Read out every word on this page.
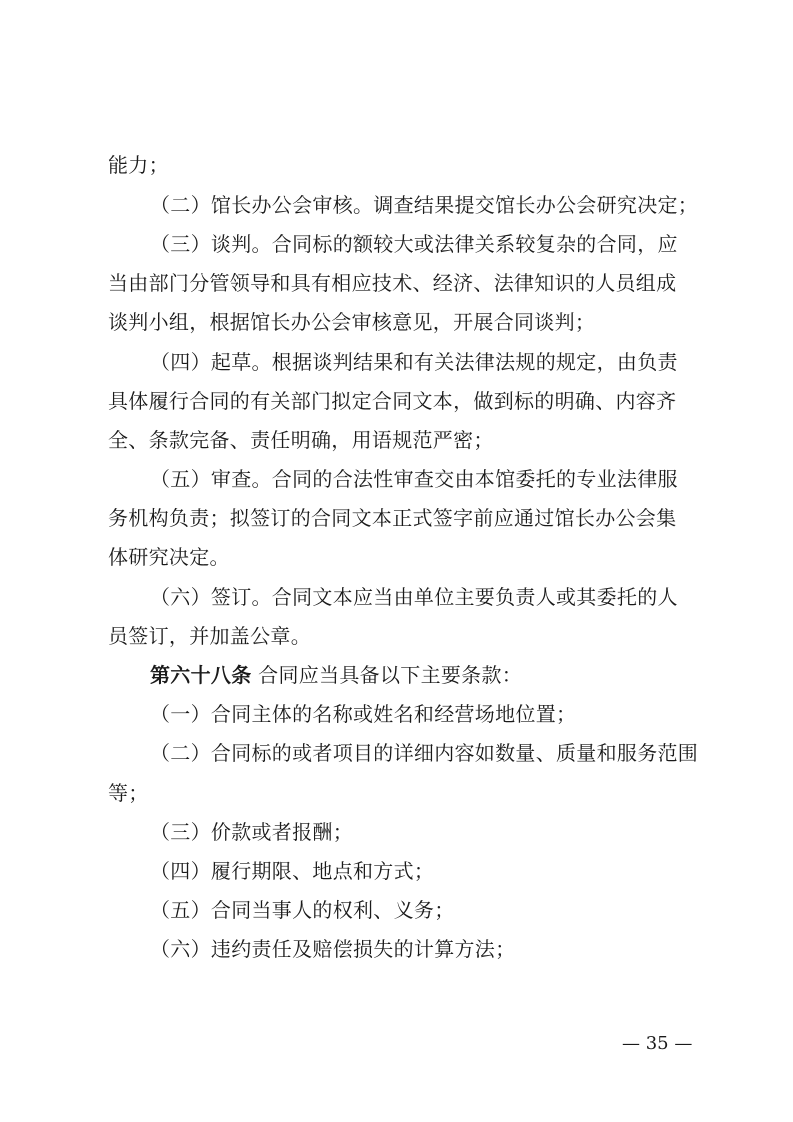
能力；
（二）馆长办公会审核。调查结果提交馆长办公会研究决定；
（三）谈判。合同标的额较大或法律关系较复杂的合同，应
当由部门分管领导和具有相应技术、经济、法律知识的人员组成
谈判小组，根据馆长办公会审核意见，开展合同谈判；
（四）起草。根据谈判结果和有关法律法规的规定，由负责
具体履行合同的有关部门拟定合同文本，做到标的明确、内容齐
全、条款完备、责任明确，用语规范严密；
（五）审查。合同的合法性审查交由本馆委托的专业法律服
务机构负责；拟签订的合同文本正式签字前应通过馆长办公会集
体研究决定。
（六）签订。合同文本应当由单位主要负责人或其委托的人
员签订，并加盖公章。
第六十八条 合同应当具备以下主要条款：
（一）合同主体的名称或姓名和经营场地位置；
（二）合同标的或者项目的详细内容如数量、质量和服务范围
等；
（三）价款或者报酬；
（四）履行期限、地点和方式；
（五）合同当事人的权利、义务；
（六）违约责任及赔偿损失的计算方法；
— 35 —
